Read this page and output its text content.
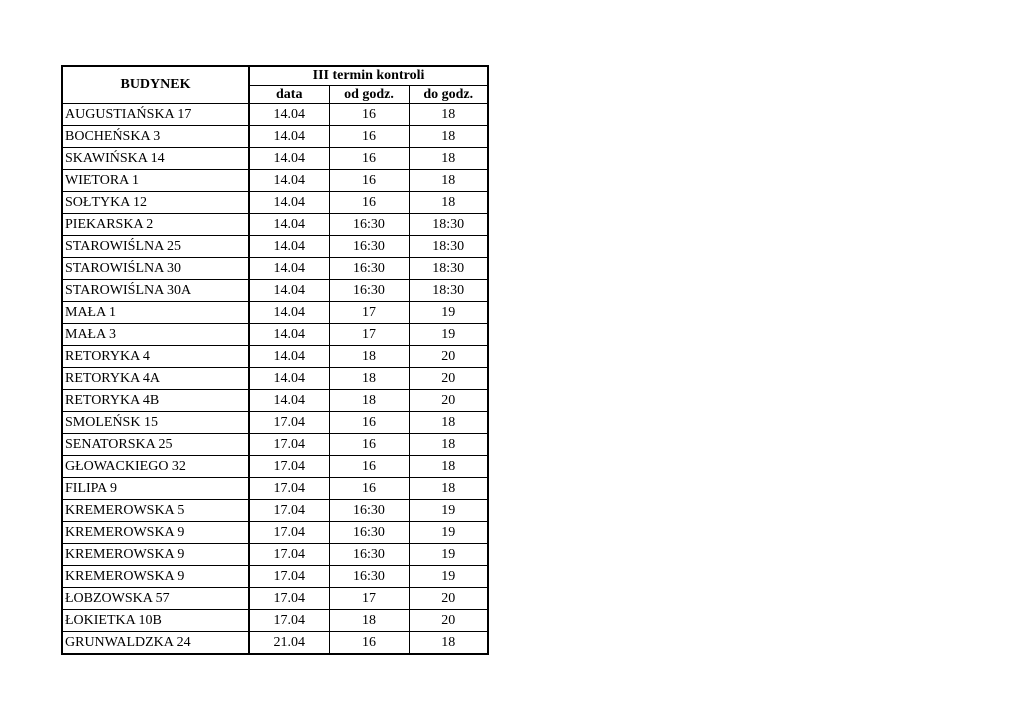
BUDYNEK	III termin kontroli		
	data	od godz.	do godz.
AUGUSTIAŃSKA 17	14.04	16	18
BOCHEŃSKA 3	14.04	16	18
SKAWIŃSKA 14	14.04	16	18
WIETORA 1	14.04	16	18
SOŁTYKA 12	14.04	16	18
PIEKARSKA 2	14.04	16:30	18:30
STAROWIŚLNA 25	14.04	16:30	18:30
STAROWIŚLNA 30	14.04	16:30	18:30
STAROWIŚLNA 30A	14.04	16:30	18:30
MAŁA 1	14.04	17	19
MAŁA 3	14.04	17	19
RETORYKA 4	14.04	18	20
RETORYKA 4A	14.04	18	20
RETORYKA 4B	14.04	18	20
SMOLEŃSK 15	17.04	16	18
SENATORSKA 25	17.04	16	18
GŁOWACKIEGO 32	17.04	16	18
FILIPA 9	17.04	16	18
KREMEROWSKA 5	17.04	16:30	19
KREMEROWSKA 9	17.04	16:30	19
KREMEROWSKA 9	17.04	16:30	19
KREMEROWSKA 9	17.04	16:30	19
ŁOBZOWSKA 57	17.04	17	20
ŁOKIETKA 10B	17.04	18	20
GRUNWALDZKA 24	21.04	16	18
